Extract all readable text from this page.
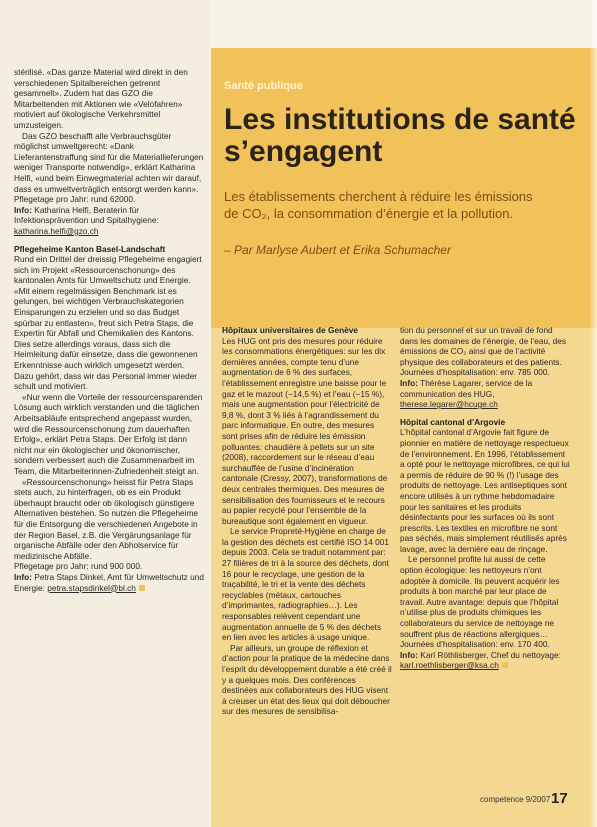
Santé publique
Les institutions de santé s’engagent

Les établissements cherchent à réduire les émissions
de CO₂, la consommation d’énergie et la pollution.

– Par Marlyse Aubert et Erika Schumacher

stérilisé. «Das ganze Material wird direkt in den verschiedenen Spitalbereichen getrennt gesammelt». Zudem hat das GZO die Mitarbeitenden mit Aktionen wie «Velofahren» motiviert auf ökologische Verkehrsmittel umzusteigen.

Das GZO beschafft alle Verbrauchsgüter möglichst umweltgerecht: «Dank Lieferantenstraffung sind für die Materiallieferungen weniger Transporte notwendig», erklärt Katharina Helfi, «und beim Einwegmaterial achten wir darauf, dass es umweltverträglich entsorgt werden kann». Pflegetage pro Jahr: rund 62000.

Info: Katharina Helfi, Beraterin für Infektionsprävention und Spitalhygiene: katharina.helfi@gzo.ch

Pflegeheime Kanton Basel-Landschaft

Rund ein Drittel der dreissig Pflegeheime engagiert sich im Projekt «Ressourcenschonung» des kantonalen Amts für Umweltschutz und Energie. «Mit einem regelmässigen Benchmark ist es gelungen, bei wichtigen Verbrauchskategorien Einsparungen zu erzielen und so das Budget spürbar zu entlasten», freut sich Petra Staps, die Expertin für Abfall und Chemikalien des Kantons. Dies setze allerdings voraus, dass sich die Heimleitung dafür einsetze, dass die gewonnenen Erkenntnisse auch wirklich umgesetzt werden. Dazu gehört, dass wir das Personal immer wieder schult und motiviert.

«Nur wenn die Vorteile der ressourcensparenden Lösung auch wirklich verstanden und die täglichen Arbeitsabläufe entsprechend angepasst wurden, wird die Ressourcenschonung zum dauerhaften Erfolg», erklärt Petra Staps. Der Erfolg ist dann nicht nur ein ökologischer und ökonomischer, sondern verbessert auch die Zusammenarbeit im Team, die Mitarbeiterinnen-Zufriedenheit steigt an.

«Ressourcenschonung» heisst für Petra Staps stets auch, zu hinterfragen, ob es ein Produkt überhaupt braucht oder ob ökologisch günstigere Alternativen bestehen. So nutzen die Pflegeheime für die Entsorgung die verschiedenen Angebote in der Region Basel, z.B. die Vergärungsanlage für organische Abfälle oder den Abholservice für medizinische Abfälle.

Pflegetage pro Jahr: rund 900 000.

Info: Petra Staps Dinkel, Amt für Umweltschutz und Energie: petra.stapsdinkel@bl.ch

Hôpitaux universitaires de Genève

Les HUG ont pris des mesures pour réduire les consommations énergétiques: sur les dix dernières années, compte tenu d’une augmentation de 6 % des surfaces, l’établissement enregistre une baisse pour le gaz et le mazout (−14,5 %) et l’eau (−15 %), mais une augmentation pour l’électricité de 9,8 %, dont 3 % liés à l’agrandissement du parc informatique. En outre, des mesures sont prises afin de réduire les émission polluantes: chaudière à pellets sur un site (2008), raccordement sur le réseau d’eau surchauffée de l’usine d’incinération cantonale (Cressy, 2007), transformations de deux centrales thermiques. Des mesures de sensibilisation des fournisseurs et le recours au papier recyclé pour l’ensemble de la bureautique sont également en vigueur.

Le service Propreté-Hygiène en charge de la gestion des déchets est certifié ISO 14 001 depuis 2003. Cela se traduit notamment par: 27 filières de tri à la source des déchets, dont 16 pour le recyclage, une gestion de la traçabilité, le tri et la vente des déchets recyclables (métaux, cartouches d’imprimantes, radiographies…). Les responsables relèvent cependant une augmentation annuelle de 5 % des déchets en lien avec les articles à usage unique.

Par ailleurs, un groupe de réflexion et d’action pour la pratique de la médecine dans l’esprit du développement durable a été créé il y a quelques mois. Des conférences destinées aux collaborateurs des HUG visent à creuser un état des lieux qui doit déboucher sur des mesures de sensibilisa-

tion du personnel et sur un travail de fond dans les domaines de l’énergie, de l’eau, des émissions de CO₂ ainsi que de l’activité physique des collaborateurs et des patients. Journées d’hospitalisation: env. 785 000.

Info: Thérèse Lagarer, service de la communication des HUG, therese.legarer@hcuge.ch

Hôpital cantonal d’Argovie

L’hôpital cantonal d’Argovie fait figure de pionnier en matière de nettoyage respectueux de l’environnement. En 1996, l’établissement a opté pour le nettoyage microfibres, ce qui lui a permis de réduire de 90 % (!) l’usage des produits de nettoyage. Les antiseptiques sont encore utilisés à un rythme hebdomadaire pour les sanitaires et les produits désinfectants pour les surfaces où ils sont prescrits. Les textiles en microfibre ne sont pas séchés, mais simplement réutilisés après lavage, avec la dernière eau de rinçage.

Le personnel profite lui aussi de cette option écologique: les nettoyeurs n’ont adoptée à domicile. Ils peuvent acquérir les produits à bon marché par leur place de travail. Autre avantage: depuis que l’hôpital n’utilise plus de produits chimiques les collaborateurs du service de nettoyage ne souffrent plus de réactions allergiques… Journées d’hospitalisation: env. 170 400.

Info: Karl Röthlisberger, Chef du nettoyage: karl.roethlisberger@ksa.ch

competence 9/2007 17
